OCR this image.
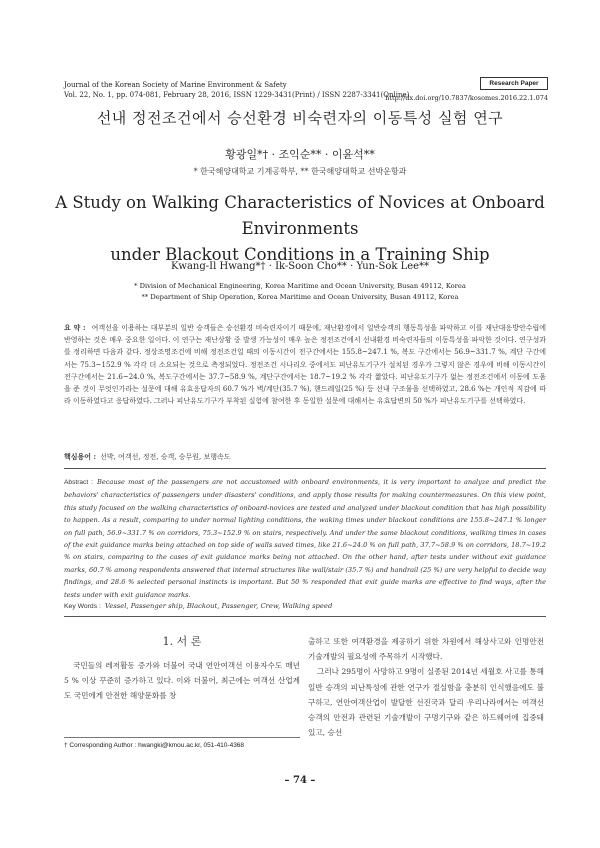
Journal of the Korean Society of Marine Environment & Safety
Vol. 22, No. 1, pp. 074-081, February 28, 2016, ISSN 1229-3431(Print) / ISSN 2287-3341(Online)
Research Paper
http://dx.doi.org/10.7837/kosomes.2016.22.1.074
선내 정전조건에서 승선환경 비숙련자의 이동특성 실험 연구
황광일*† · 조익순** · 이윤석**
* 한국해양대학교 기계공학부, ** 한국해양대학교 선박운항과
A Study on Walking Characteristics of Novices at Onboard Environments
under Blackout Conditions in a Training Ship
Kwang-Il Hwang*† · Ik-Soon Cho** · Yun-Sok Lee**
* Division of Mechanical Engineering, Korea Maritime and Ocean University, Busan 49112, Korea
** Department of Ship Operation, Korea Maritime and Ocean University, Busan 49112, Korea
요 약 : 여객선을 이용하는 대부분의 일반 승객들은 승선환경 비숙련자이기 때문에, 재난환경에서 일반승객의 행동특성을 파악하고 이를 재난대응방안수립에 반영하는 것은 매우 중요한 일이다. 이 연구는 재난상황 중 발생 가능성이 매우 높은 정전조건에서 선내환경 비숙련자들의 이동특성을 파악한 것이다. 연구성과를 정리하면 다음과 같다. 정상조명조건에 비해 정전조건일 때의 이동시간이 전구간에서는 155.8~247.1 %, 복도 구간에서는 56.9~331.7 %, 계단 구간에서는 75.3~152.9 % 각각 더 소요되는 것으로 측정되었다. 정전조건 시나리오 중에서도 피난유도기구가 설치된 경우가 그렇지 않은 경우에 비해 이동시간이 전구간에서는 21.6~24.0 %, 복도구간에서는 37.7~58.9 %, 계단구간에서는 18.7~19.2 % 각각 짧았다. 피난유도기구가 없는 정전조건에서 이동에 도움을 준 것이 무엇인가라는 설문에 대해 유효응답자의 60.7 %가 벽/계단(35.7 %), 핸드레일(25 %) 등 선내 구조물을 선택하였고, 28.6 %는 개인적 직감에 따라 이동하였다고 응답하였다. 그러나 피난유도기구가 부착된 실험에 참여한 후 동일한 설문에 대해서는 유효답변의 50 %가 피난유도기구를 선택하였다.
핵심용어 : 선박, 여객선, 정전, 승객, 승무원, 보행속도
Abstract : Because most of the passengers are not accustomed with onboard environments, it is very important to analyze and predict the behaviors' characteristics of passengers under disasters' conditions, and apply those results for making countermeasures. On this view point, this study focused on the walking characteristics of onboard-novices are tested and analyzed under blackout condition that has high possibility to happen. As a result, comparing to under normal lighting conditions, the waking times under blackout conditions are 155.8~247.1 % longer on full path, 56.9~331.7 % on corridors, 75.3~152.9 % on stairs, respectively. And under the same blackout conditions, walking times in cases of the exit guidance marks being attached on top side of walls saved times, like 21.6~24.0 % on full path, 37.7~58.9 % on corridors, 18.7~19.2 % on stairs, comparing to the cases of exit guidance marks being not attached. On the other hand, after tests under without exit guidance marks, 60.7 % among respondents answered that internal structures like wall/stair (35.7 %) and handrail (25 %) are very helpful to decide way findings, and 28.6 % selected personal instincts is important. But 50 % responded that exit guide marks are effective to find ways, after the tests under with exit guidance marks.
Key Words : Vessel, Passenger ship, Blackout, Passenger, Crew, Walking speed
1. 서 론

국민들의 레저활동 증가와 더불어 국내 연안여객선 이용자수도 매년 5 % 이상 꾸준히 증가하고 있다. 이와 더불어, 최근에는 여객선 산업계도 국민에게 안전한 해양문화를 창

출하고 또한 여객환경을 제공하기 위한 차원에서 해상사고와 인명안전 기술개발의 필요성에 주목하기 시작했다.

그러나 295명이 사망하고 9명이 실종된 2014년 세월호 사고를 통해 일반 승객의 피난특성에 관한 연구가 절실함을 충분히 인식했음에도 불구하고, 연안여객산업이 발달한 선진국과 달리 우리나라에서는 여객선 승객의 안전과 관련된 기술개발이 구명기구와 같은 하드웨어에 집중돼 있고, 승선

† Corresponding Author : hwangki@kmou.ac.kr, 051-410-4368
– 74 –
